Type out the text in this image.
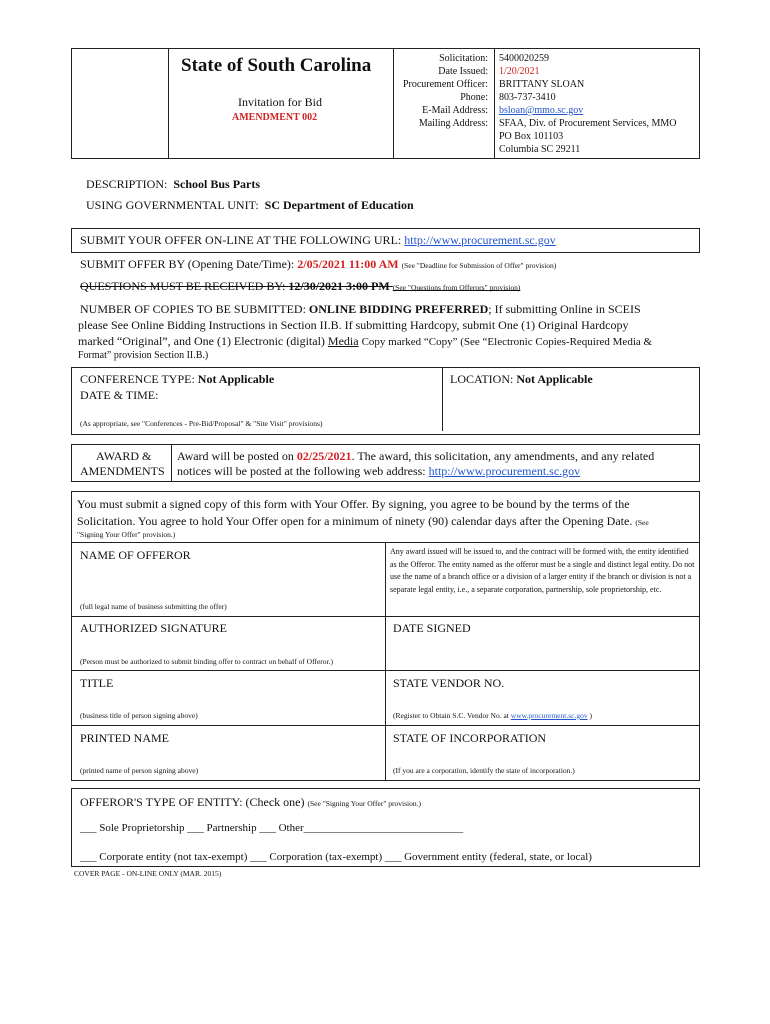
State of South Carolina
Invitation for Bid
AMENDMENT 002
Solicitation:
Date Issued:
Procurement Officer:
Phone:
E-Mail Address:
Mailing Address:
5400020259
1/20/2021
BRITTANY SLOAN
803-737-3410
bsloan@mmo.sc.gov
SFAA, Div. of Procurement Services, MMO
PO Box 101103
Columbia SC 29211
DESCRIPTION: School Bus Parts
USING GOVERNMENTAL UNIT: SC Department of Education
SUBMIT YOUR OFFER ON-LINE AT THE FOLLOWING URL: http://www.procurement.sc.gov
SUBMIT OFFER BY (Opening Date/Time): 2/05/2021 11:00 AM (See "Deadline for Submission of Offer" provision)
QUESTIONS MUST BE RECEIVED BY: 12/30/2021 3:00 PM (See "Questions from Offerors" provision)
NUMBER OF COPIES TO BE SUBMITTED: ONLINE BIDDING PREFERRED; If submitting Online in SCEIS
please See Online Bidding Instructions in Section II.B. If submitting Hardcopy, submit One (1) Original Hardcopy
marked “Original”, and One (1) Electronic (digital) Media Copy marked “Copy” (See “Electronic Copies-Required Media &
Format” provision Section II.B.)
CONFERENCE TYPE: Not Applicable
DATE & TIME:
LOCATION: Not Applicable
(As appropriate, see "Conferences - Pre-Bid/Proposal" & "Site Visit" provisions)
AWARD &
AMENDMENTS
Award will be posted on 02/25/2021. The award, this solicitation, any amendments, and any related
notices will be posted at the following web address: http://www.procurement.sc.gov
You must submit a signed copy of this form with Your Offer. By signing, you agree to be bound by the terms of the
Solicitation. You agree to hold Your Offer open for a minimum of ninety (90) calendar days after the Opening Date. (See
"Signing Your Offer" provision.)
NAME OF OFFEROR
(full legal name of business submitting the offer)
Any award issued will be issued to, and the contract will be formed with, the entity identified as the Offeror. The entity named as the offeror must be a single and distinct legal entity. Do not use the name of a branch office or a division of a larger entity if the branch or division is not a separate legal entity, i.e., a separate corporation, partnership, sole proprietorship, etc.
AUTHORIZED SIGNATURE
(Person must be authorized to submit binding offer to contract on behalf of Offeror.)
DATE SIGNED
TITLE
(business title of person signing above)
STATE VENDOR NO.
(Register to Obtain S.C. Vendor No. at www.procurement.sc.gov )
PRINTED NAME
(printed name of person signing above)
STATE OF INCORPORATION
(If you are a corporation, identify the state of incorporation.)
OFFEROR'S TYPE OF ENTITY: (Check one) (See "Signing Your Offer" provision.)
___ Sole Proprietorship ___ Partnership ___ Other_____________________________
___ Corporate entity (not tax-exempt) ___ Corporation (tax-exempt) ___ Government entity (federal, state, or local)
COVER PAGE - ON-LINE ONLY (MAR. 2015)
